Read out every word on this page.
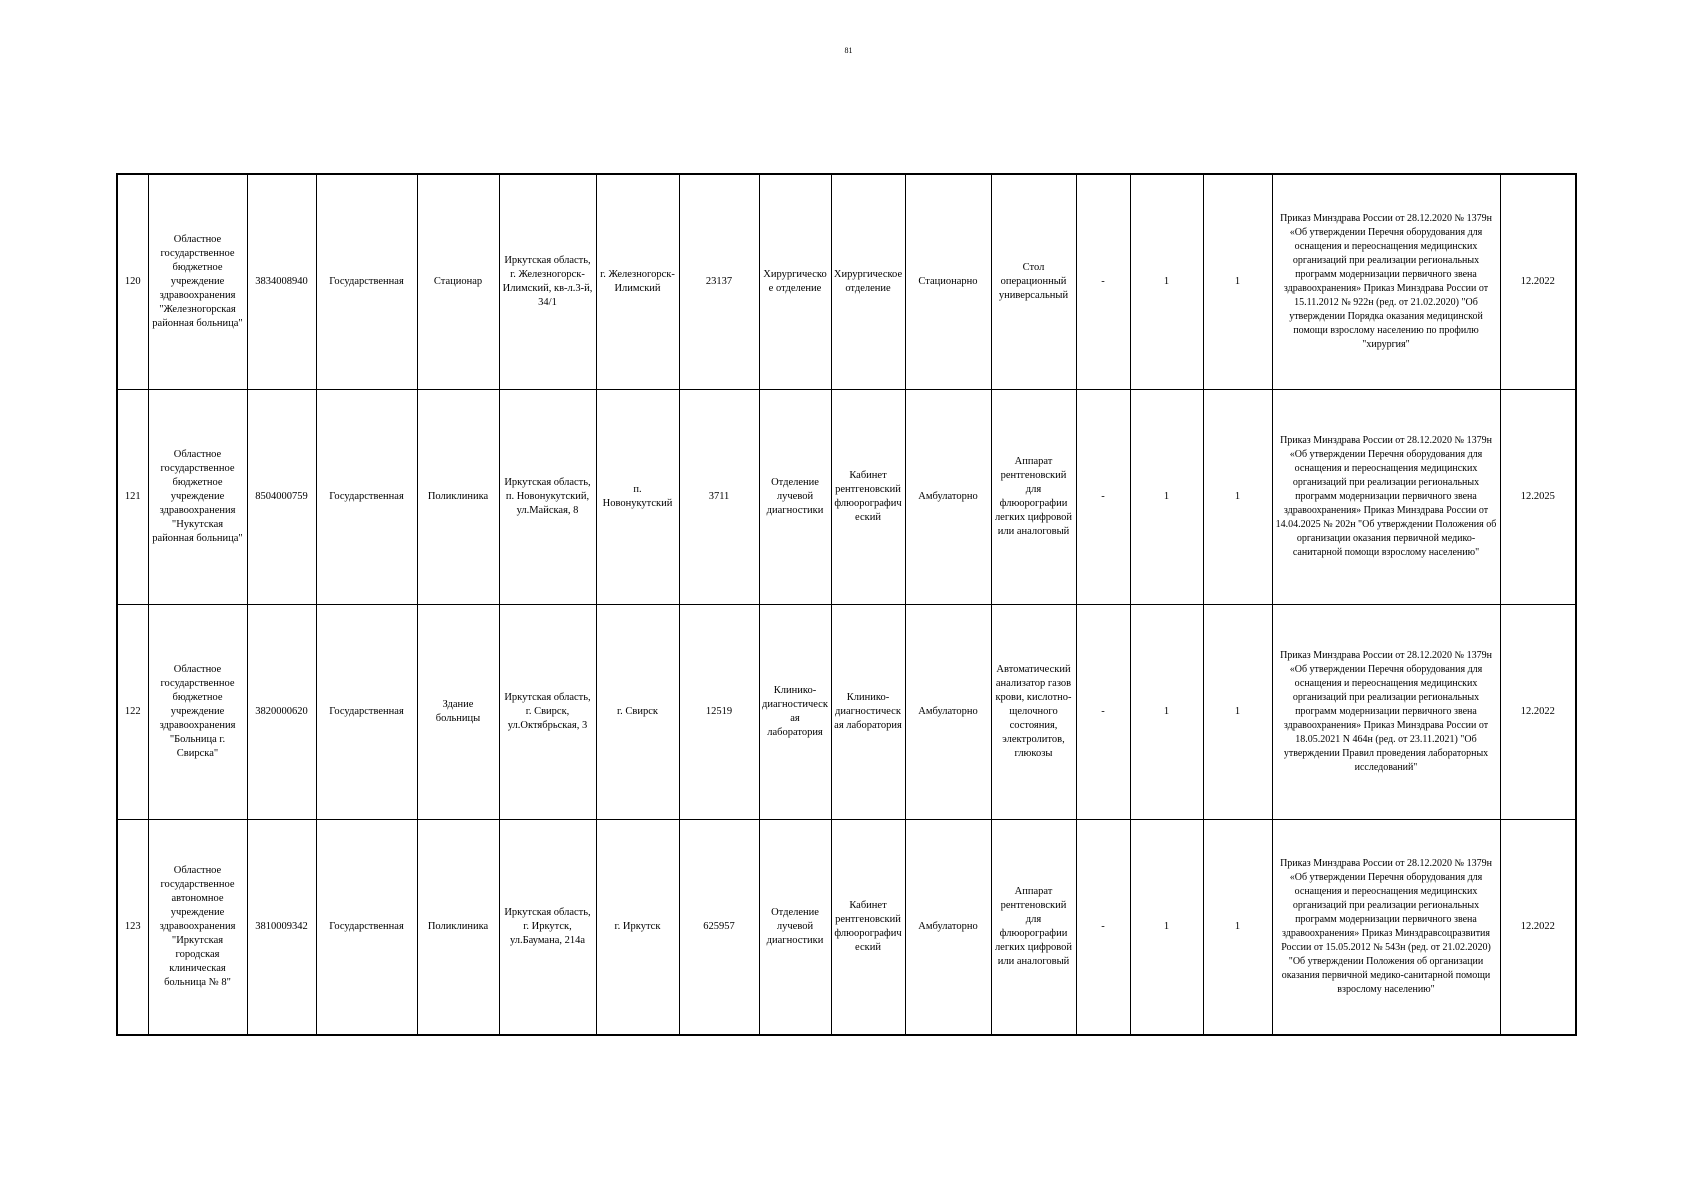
81
120	Областное государственное бюджетное учреждение здравоохранения "Железногорская районная больница"	3834008940	Государственная	Стационар	Иркутская область, г. Железногорск-Илимский, кв-л.3-й, 34/1	г. Железногорск-Илимский	23137	Хирургическое отделение	Хирургическое отделение	Стационарно	Стол операционный универсальный	-	1	1	Приказ Минздрава России от 28.12.2020 № 1379н «Об утверждении Перечня оборудования для оснащения и переоснащения медицинских организаций при реализации региональных программ модернизации первичного звена здравоохранения» Приказ Минздрава России от 15.11.2012 № 922н (ред. от 21.02.2020) "Об утверждении Порядка оказания медицинской помощи взрослому населению по профилю "хирургия"	12.2022
121	Областное государственное бюджетное учреждение здравоохранения "Нукутская районная больница"	8504000759	Государственная	Поликлиника	Иркутская область, п. Новонукутский, ул.Майская, 8	п. Новонукутский	3711	Отделение лучевой диагностики	Кабинет рентгеновский флюорографический	Амбулаторно	Аппарат рентгеновский для флюорографии легких цифровой или аналоговый	-	1	1	Приказ Минздрава России от 28.12.2020 № 1379н «Об утверждении Перечня оборудования для оснащения и переоснащения медицинских организаций при реализации региональных программ модернизации первичного звена здравоохранения» Приказ Минздрава России от 14.04.2025 № 202н "Об утверждении Положения об организации оказания первичной медико-санитарной помощи взрослому населению"	12.2025
122	Областное государственное бюджетное учреждение здравоохранения "Больница г. Свирска"	3820000620	Государственная	Здание больницы	Иркутская область, г. Свирск, ул.Октябрьская, 3	г. Свирск	12519	Клинико-диагностическая лаборатория	Клинико-диагностическая лаборатория	Амбулаторно	Автоматический анализатор газов крови, кислотно-щелочного состояния, электролитов, глюкозы	-	1	1	Приказ Минздрава России от 28.12.2020 № 1379н «Об утверждении Перечня оборудования для оснащения и переоснащения медицинских организаций при реализации региональных программ модернизации первичного звена здравоохранения» Приказ Минздрава России от 18.05.2021 N 464н (ред. от 23.11.2021) "Об утверждении Правил проведения лабораторных исследований"	12.2022
123	Областное государственное автономное учреждение здравоохранения "Иркутская городская клиническая больница № 8"	3810009342	Государственная	Поликлиника	Иркутская область, г. Иркутск, ул.Баумана, 214а	г. Иркутск	625957	Отделение лучевой диагностики	Кабинет рентгеновский флюорографический	Амбулаторно	Аппарат рентгеновский для флюорографии легких цифровой или аналоговый	-	1	1	Приказ Минздрава России от 28.12.2020 № 1379н «Об утверждении Перечня оборудования для оснащения и переоснащения медицинских организаций при реализации региональных программ модернизации первичного звена здравоохранения» Приказ Минздравсоцразвития России от 15.05.2012 № 543н (ред. от 21.02.2020) "Об утверждении Положения об организации оказания первичной медико-санитарной помощи взрослому населению"	12.2022
